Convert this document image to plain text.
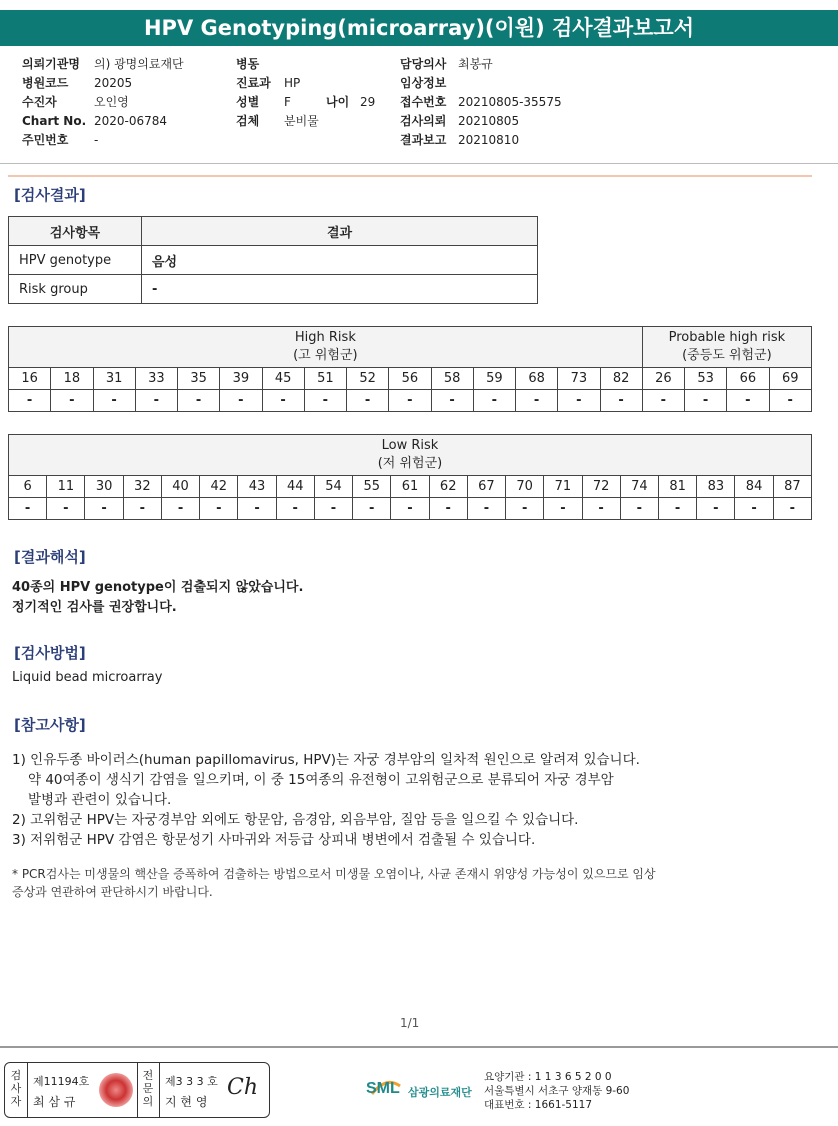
HPV Genotyping(microarray)(이원) 검사결과보고서
의뢰기관명 의) 광명의료재단
병원코드 20205
수진자	오인영
Chart No. 2020-06784
주민번호 -
병동
진료과 HP
성별 F	나이 29
검체 분비물
담당의사 최봉규
임상정보
접수번호 20210805-35575
검사의뢰 20210805
결과보고 20210810
[검사결과]
검사항목	결과
HPV genotype	음성
Risk group	-
High Risk
(고 위험군)															Probable high risk
(중등도 위험군)			
16	18	31	33	35	39	45	51	52	56	58	59	68	73	82	26	53	66	69
-	-	-	-	-	-	-	-	-	-	-	-	-	-	-	-	-	-	-
Low Risk
(저 위험군)																				
6	11	30	32	40	42	43	44	54	55	61	62	67	70	71	72	74	81	83	84	87
-	-	-	-	-	-	-	-	-	-	-	-	-	-	-	-	-	-	-	-	-
[결과해석]
40종의 HPV genotype이 검출되지 않았습니다.
정기적인 검사를 권장합니다.
[검사방법]
Liquid bead microarray
[참고사항]
1) 인유두종 바이러스(human papillomavirus, HPV)는 자궁 경부암의 일차적 원인으로 알려져 있습니다.
약 40여종이 생식기 감염을 일으키며, 이 중 15여종의 유전형이 고위험군으로 분류되어 자궁 경부암
발병과 관련이 있습니다.
2) 고위험군 HPV는 자궁경부암 외에도 항문암, 음경암, 외음부암, 질암 등을 일으킬 수 있습니다.
3) 저위험군 HPV 감염은 항문성기 사마귀와 저등급 상피내 병변에서 검출될 수 있습니다.
* PCR검사는 미생물의 핵산을 증폭하여 검출하는 방법으로서 미생물 오염이나, 사균 존재시 위양성 가능성이 있으므로 임상
증상과 연관하여 판단하시기 바랍니다.
1/1
검사자
제11194호
최 삼 규
전문의
제3 3 3 호
지 현 영
Ch	SML 삼광의료재단
요양기관 : 1 1 3 6 5 2 0 0
서울특별시 서초구 양재동 9-60
대표번호 : 1661-5117
